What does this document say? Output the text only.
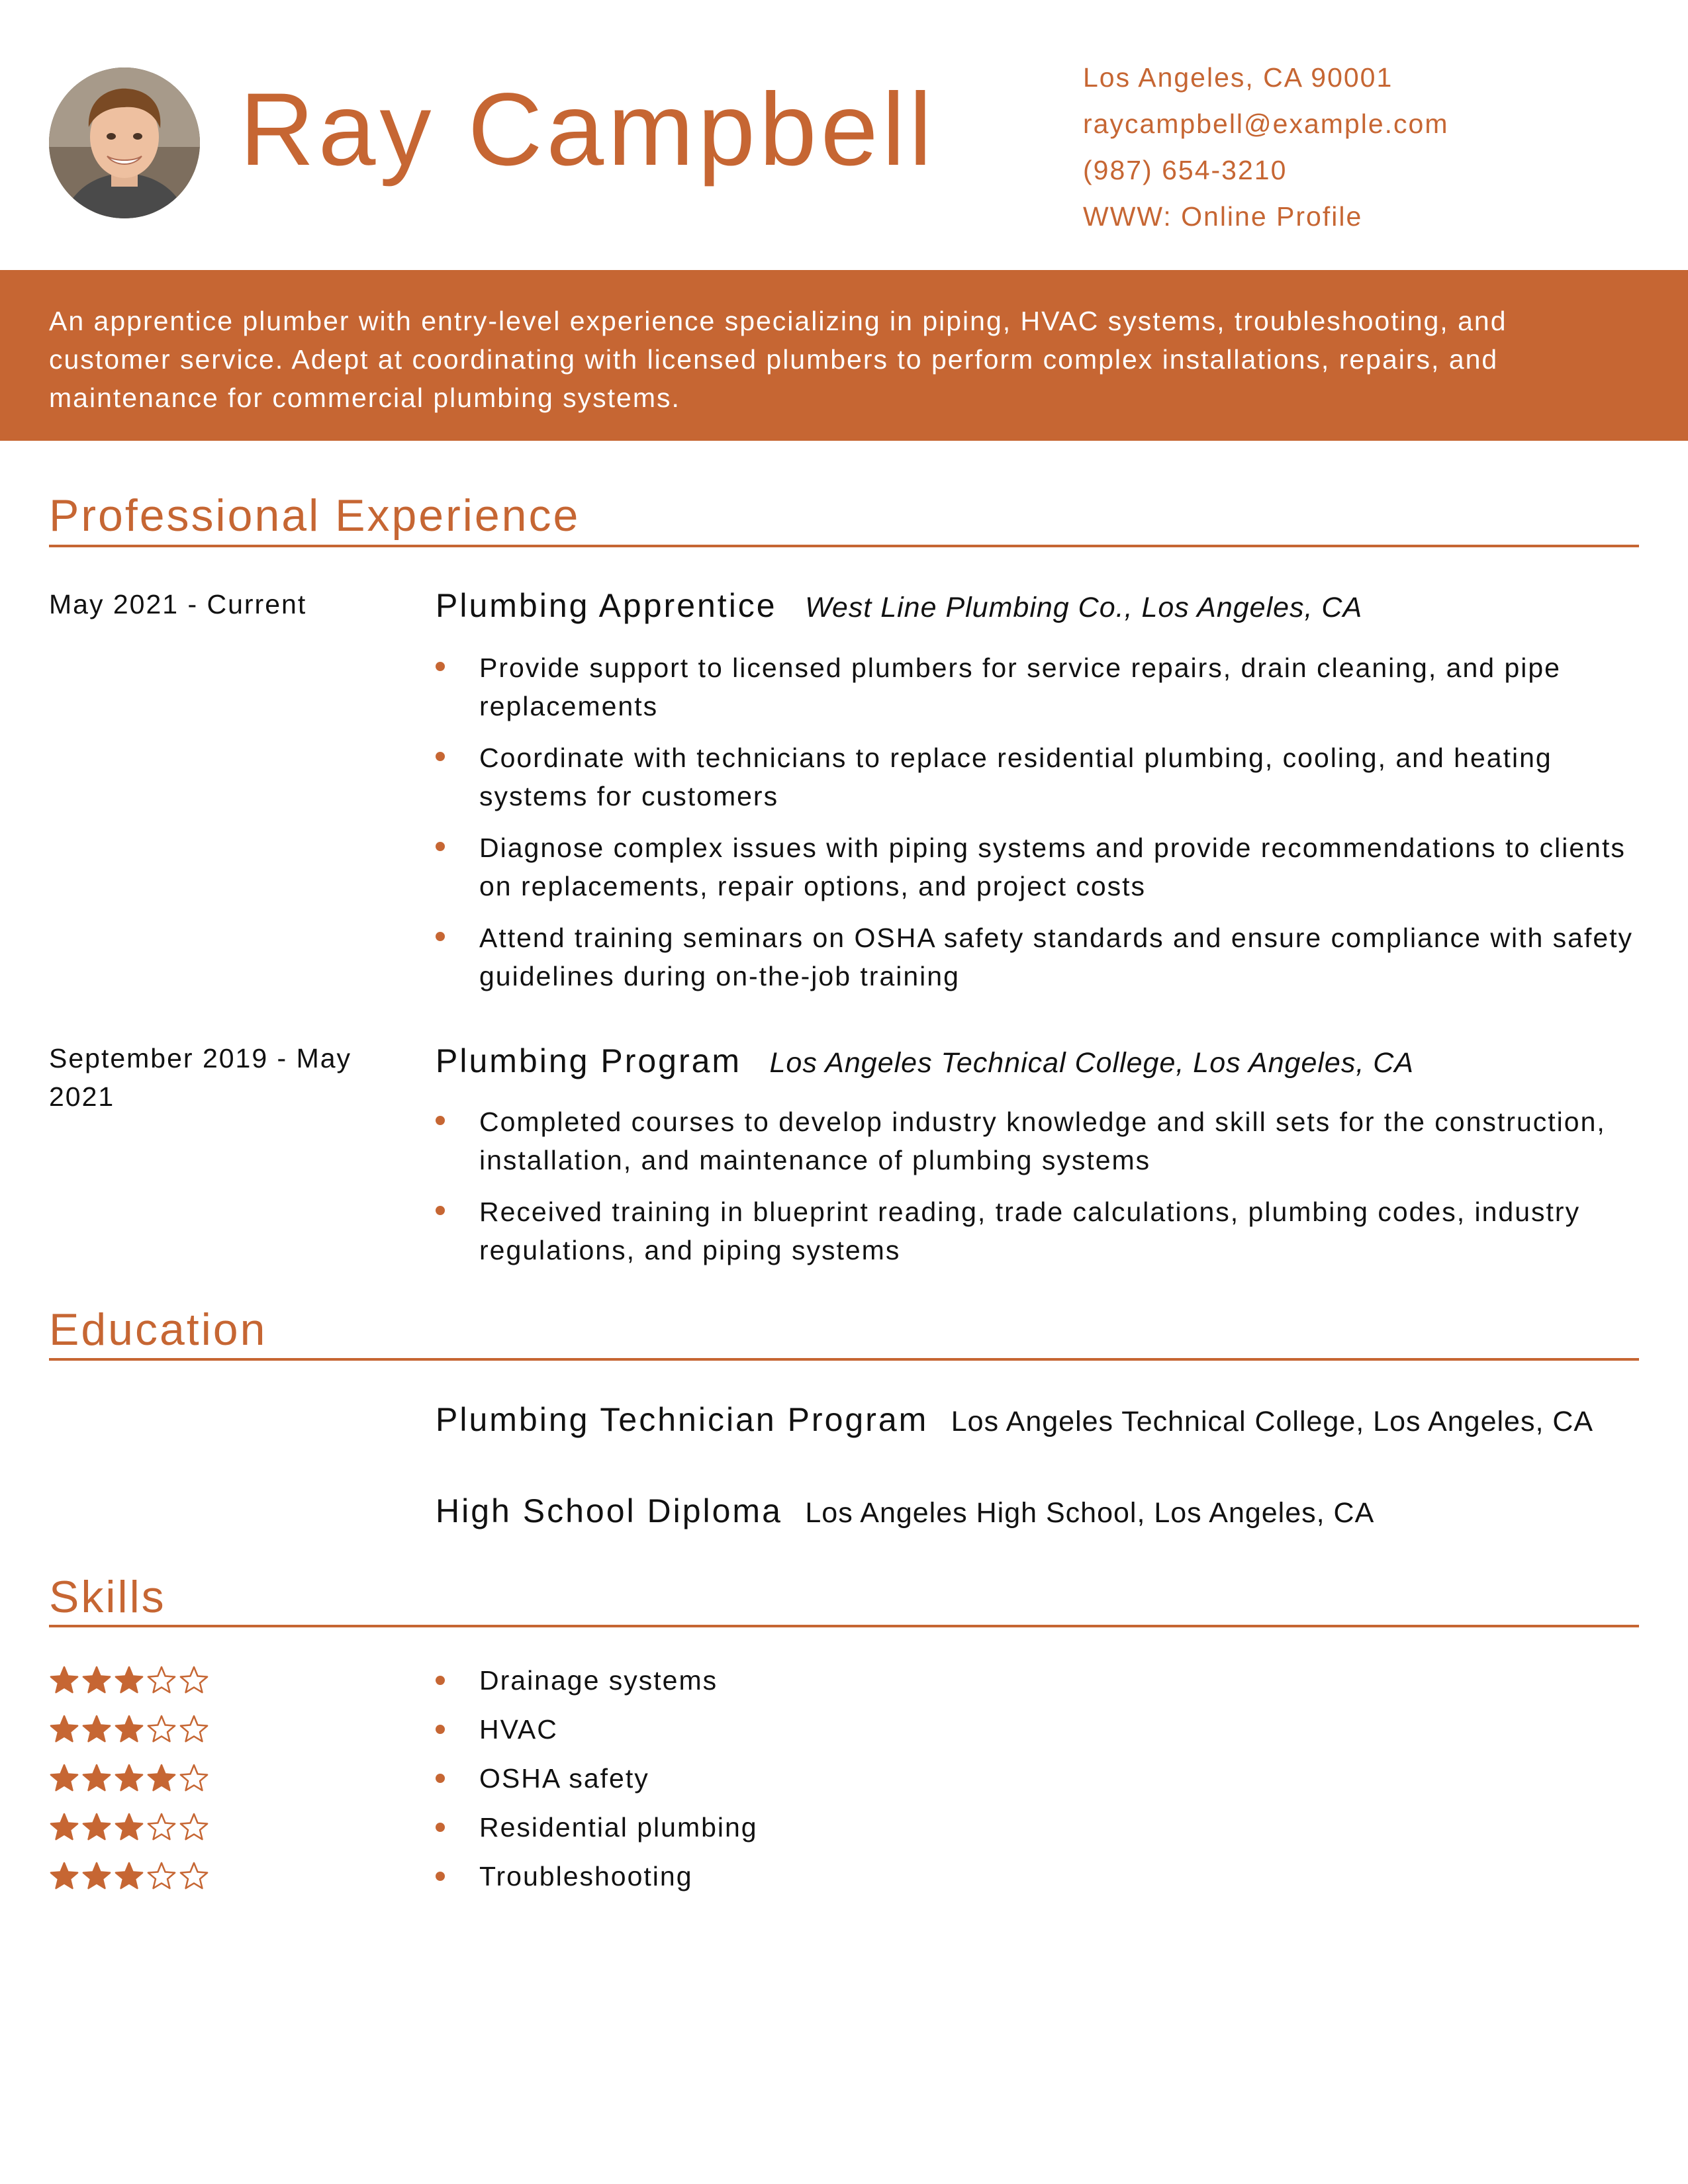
Ray Campbell	Los Angeles, CA 90001
raycampbell@example.com
(987) 654-3210
WWW: Online Profile

An apprentice plumber with entry-level experience specializing in piping, HVAC systems, troubleshooting, and customer service. Adept at coordinating with licensed plumbers to perform complex installations, repairs, and maintenance for commercial plumbing systems.

Professional Experience
May 2021 - Current	Plumbing Apprentice West Line Plumbing Co., Los Angeles, CA
Provide support to licensed plumbers for service repairs, drain cleaning, and pipe replacements
Coordinate with technicians to replace residential plumbing, cooling, and heating systems for customers
Diagnose complex issues with piping systems and provide recommendations to clients on replacements, repair options, and project costs
Attend training seminars on OSHA safety standards and ensure compliance with safety guidelines during on-the-job training
September 2019 - May 2021
Plumbing Program Los Angeles Technical College, Los Angeles, CA
Completed courses to develop industry knowledge and skill sets for the construction, installation, and maintenance of plumbing systems
Received training in blueprint reading, trade calculations, plumbing codes, industry regulations, and piping systems
Education
Plumbing Technician Program Los Angeles Technical College, Los Angeles, CA
High School Diploma Los Angeles High School, Los Angeles, CA
Skills
Drainage systems
HVAC
OSHA safety
Residential plumbing
Troubleshooting
